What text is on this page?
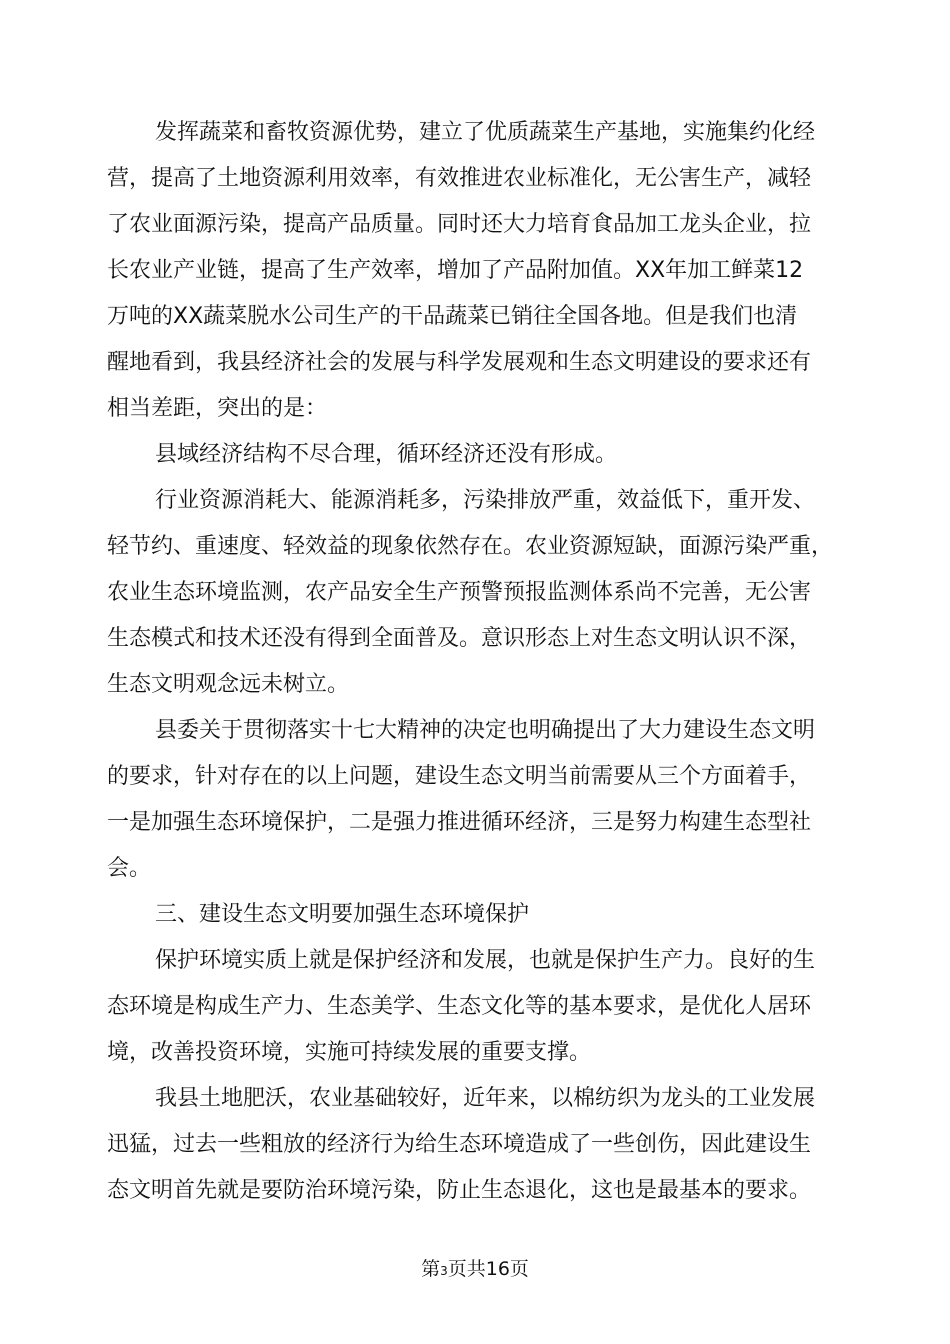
发挥蔬菜和畜牧资源优势，建立了优质蔬菜生产基地，实施集约化经
营，提高了土地资源利用效率，有效推进农业标准化，无公害生产，减轻
了农业面源污染，提高产品质量。同时还大力培育食品加工龙头企业，拉
长农业产业链，提高了生产效率，增加了产品附加值。XX年加工鲜菜12
万吨的XX蔬菜脱水公司生产的干品蔬菜已销往全国各地。但是我们也清
醒地看到，我县经济社会的发展与科学发展观和生态文明建设的要求还有
相当差距，突出的是：
县域经济结构不尽合理，循环经济还没有形成。
行业资源消耗大、能源消耗多，污染排放严重，效益低下，重开发、
轻节约、重速度、轻效益的现象依然存在。农业资源短缺，面源污染严重，
农业生态环境监测，农产品安全生产预警预报监测体系尚不完善，无公害
生态模式和技术还没有得到全面普及。意识形态上对生态文明认识不深，
生态文明观念远未树立。
县委关于贯彻落实十七大精神的决定也明确提出了大力建设生态文明
的要求，针对存在的以上问题，建设生态文明当前需要从三个方面着手，
一是加强生态环境保护，二是强力推进循环经济，三是努力构建生态型社
会。
三、建设生态文明要加强生态环境保护
保护环境实质上就是保护经济和发展，也就是保护生产力。良好的生
态环境是构成生产力、生态美学、生态文化等的基本要求，是优化人居环
境，改善投资环境，实施可持续发展的重要支撑。
我县土地肥沃，农业基础较好，近年来，以棉纺织为龙头的工业发展
迅猛，过去一些粗放的经济行为给生态环境造成了一些创伤，因此建设生
态文明首先就是要防治环境污染，防止生态退化，这也是最基本的要求。
第3页共16页
